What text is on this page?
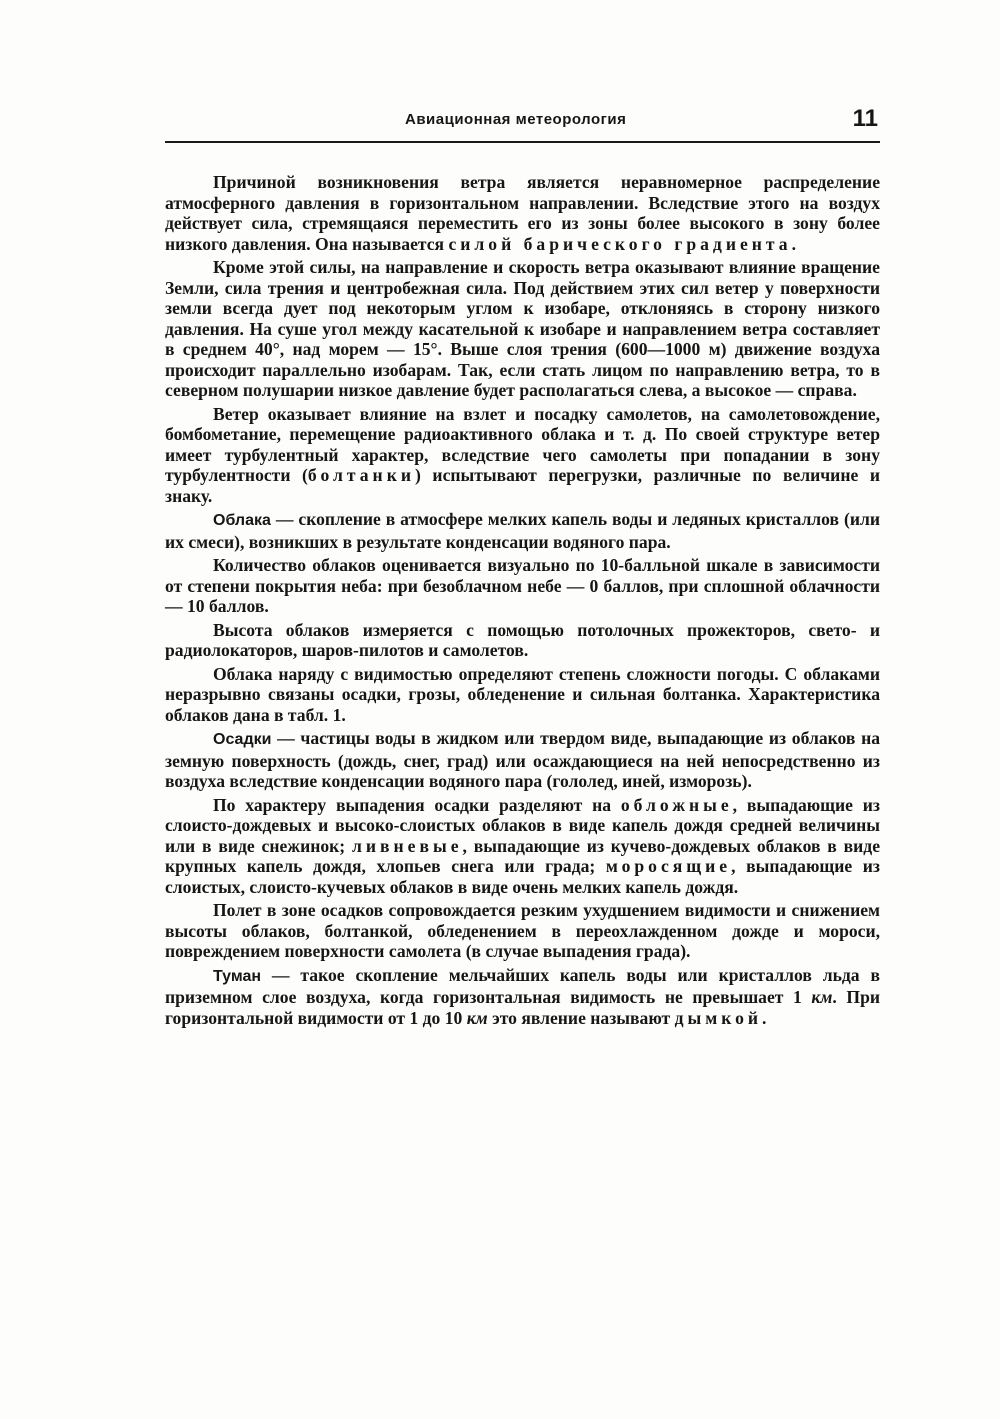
Авиационная метеорология	11

Причиной возникновения ветра является неравномерное распределение атмосферного давления в горизонтальном направлении. Вследствие этого на воздух действует сила, стремящаяся переместить его из зоны более высокого в зону более низкого давления. Она называется силой барического градиента.

Кроме этой силы, на направление и скорость ветра оказывают влияние вращение Земли, сила трения и центробежная сила. Под действием этих сил ветер у поверхности земли всегда дует под некоторым углом к изобаре, отклоняясь в сторону низкого давления. На суше угол между касательной к изобаре и направлением ветра составляет в среднем 40°, над морем — 15°. Выше слоя трения (600—1000 м) движение воздуха происходит параллельно изобарам. Так, если стать лицом по направлению ветра, то в северном полушарии низкое давление будет располагаться слева, а высокое — справа.

Ветер оказывает влияние на взлет и посадку самолетов, на самолетовождение, бомбометание, перемещение радиоактивного облака и т. д. По своей структуре ветер имеет турбулентный характер, вследствие чего самолеты при попадании в зону турбулентности (болтанки) испытывают перегрузки, различные по величине и знаку.

Облака — скопление в атмосфере мелких капель воды и ледяных кристаллов (или их смеси), возникших в результате конденсации водяного пара.

Количество облаков оценивается визуально по 10-балльной шкале в зависимости от степени покрытия неба: при безоблачном небе — 0 баллов, при сплошной облачности — 10 баллов.

Высота облаков измеряется с помощью потолочных прожекторов, свето- и радиолокаторов, шаров-пилотов и самолетов.

Облака наряду с видимостью определяют степень сложности погоды. С облаками неразрывно связаны осадки, грозы, обледенение и сильная болтанка. Характеристика облаков дана в табл. 1.

Осадки — частицы воды в жидком или твердом виде, выпадающие из облаков на земную поверхность (дождь, снег, град) или осаждающиеся на ней непосредственно из воздуха вследствие конденсации водяного пара (гололед, иней, изморозь).

По характеру выпадения осадки разделяют на обложные, выпадающие из слоисто-дождевых и высоко-слоистых облаков в виде капель дождя средней величины или в виде снежинок; ливневые, выпадающие из кучево-дождевых облаков в виде крупных капель дождя, хлопьев снега или града; моросящие, выпадающие из слоистых, слоисто-кучевых облаков в виде очень мелких капель дождя.

Полет в зоне осадков сопровождается резким ухудшением видимости и снижением высоты облаков, болтанкой, обледенением в переохлажденном дожде и мороси, повреждением поверхности самолета (в случае выпадения града).

Туман — такое скопление мельчайших капель воды или кристаллов льда в приземном слое воздуха, когда горизонтальная видимость не превышает 1 км. При горизонтальной видимости от 1 до 10 км это явление называют дымкой.
